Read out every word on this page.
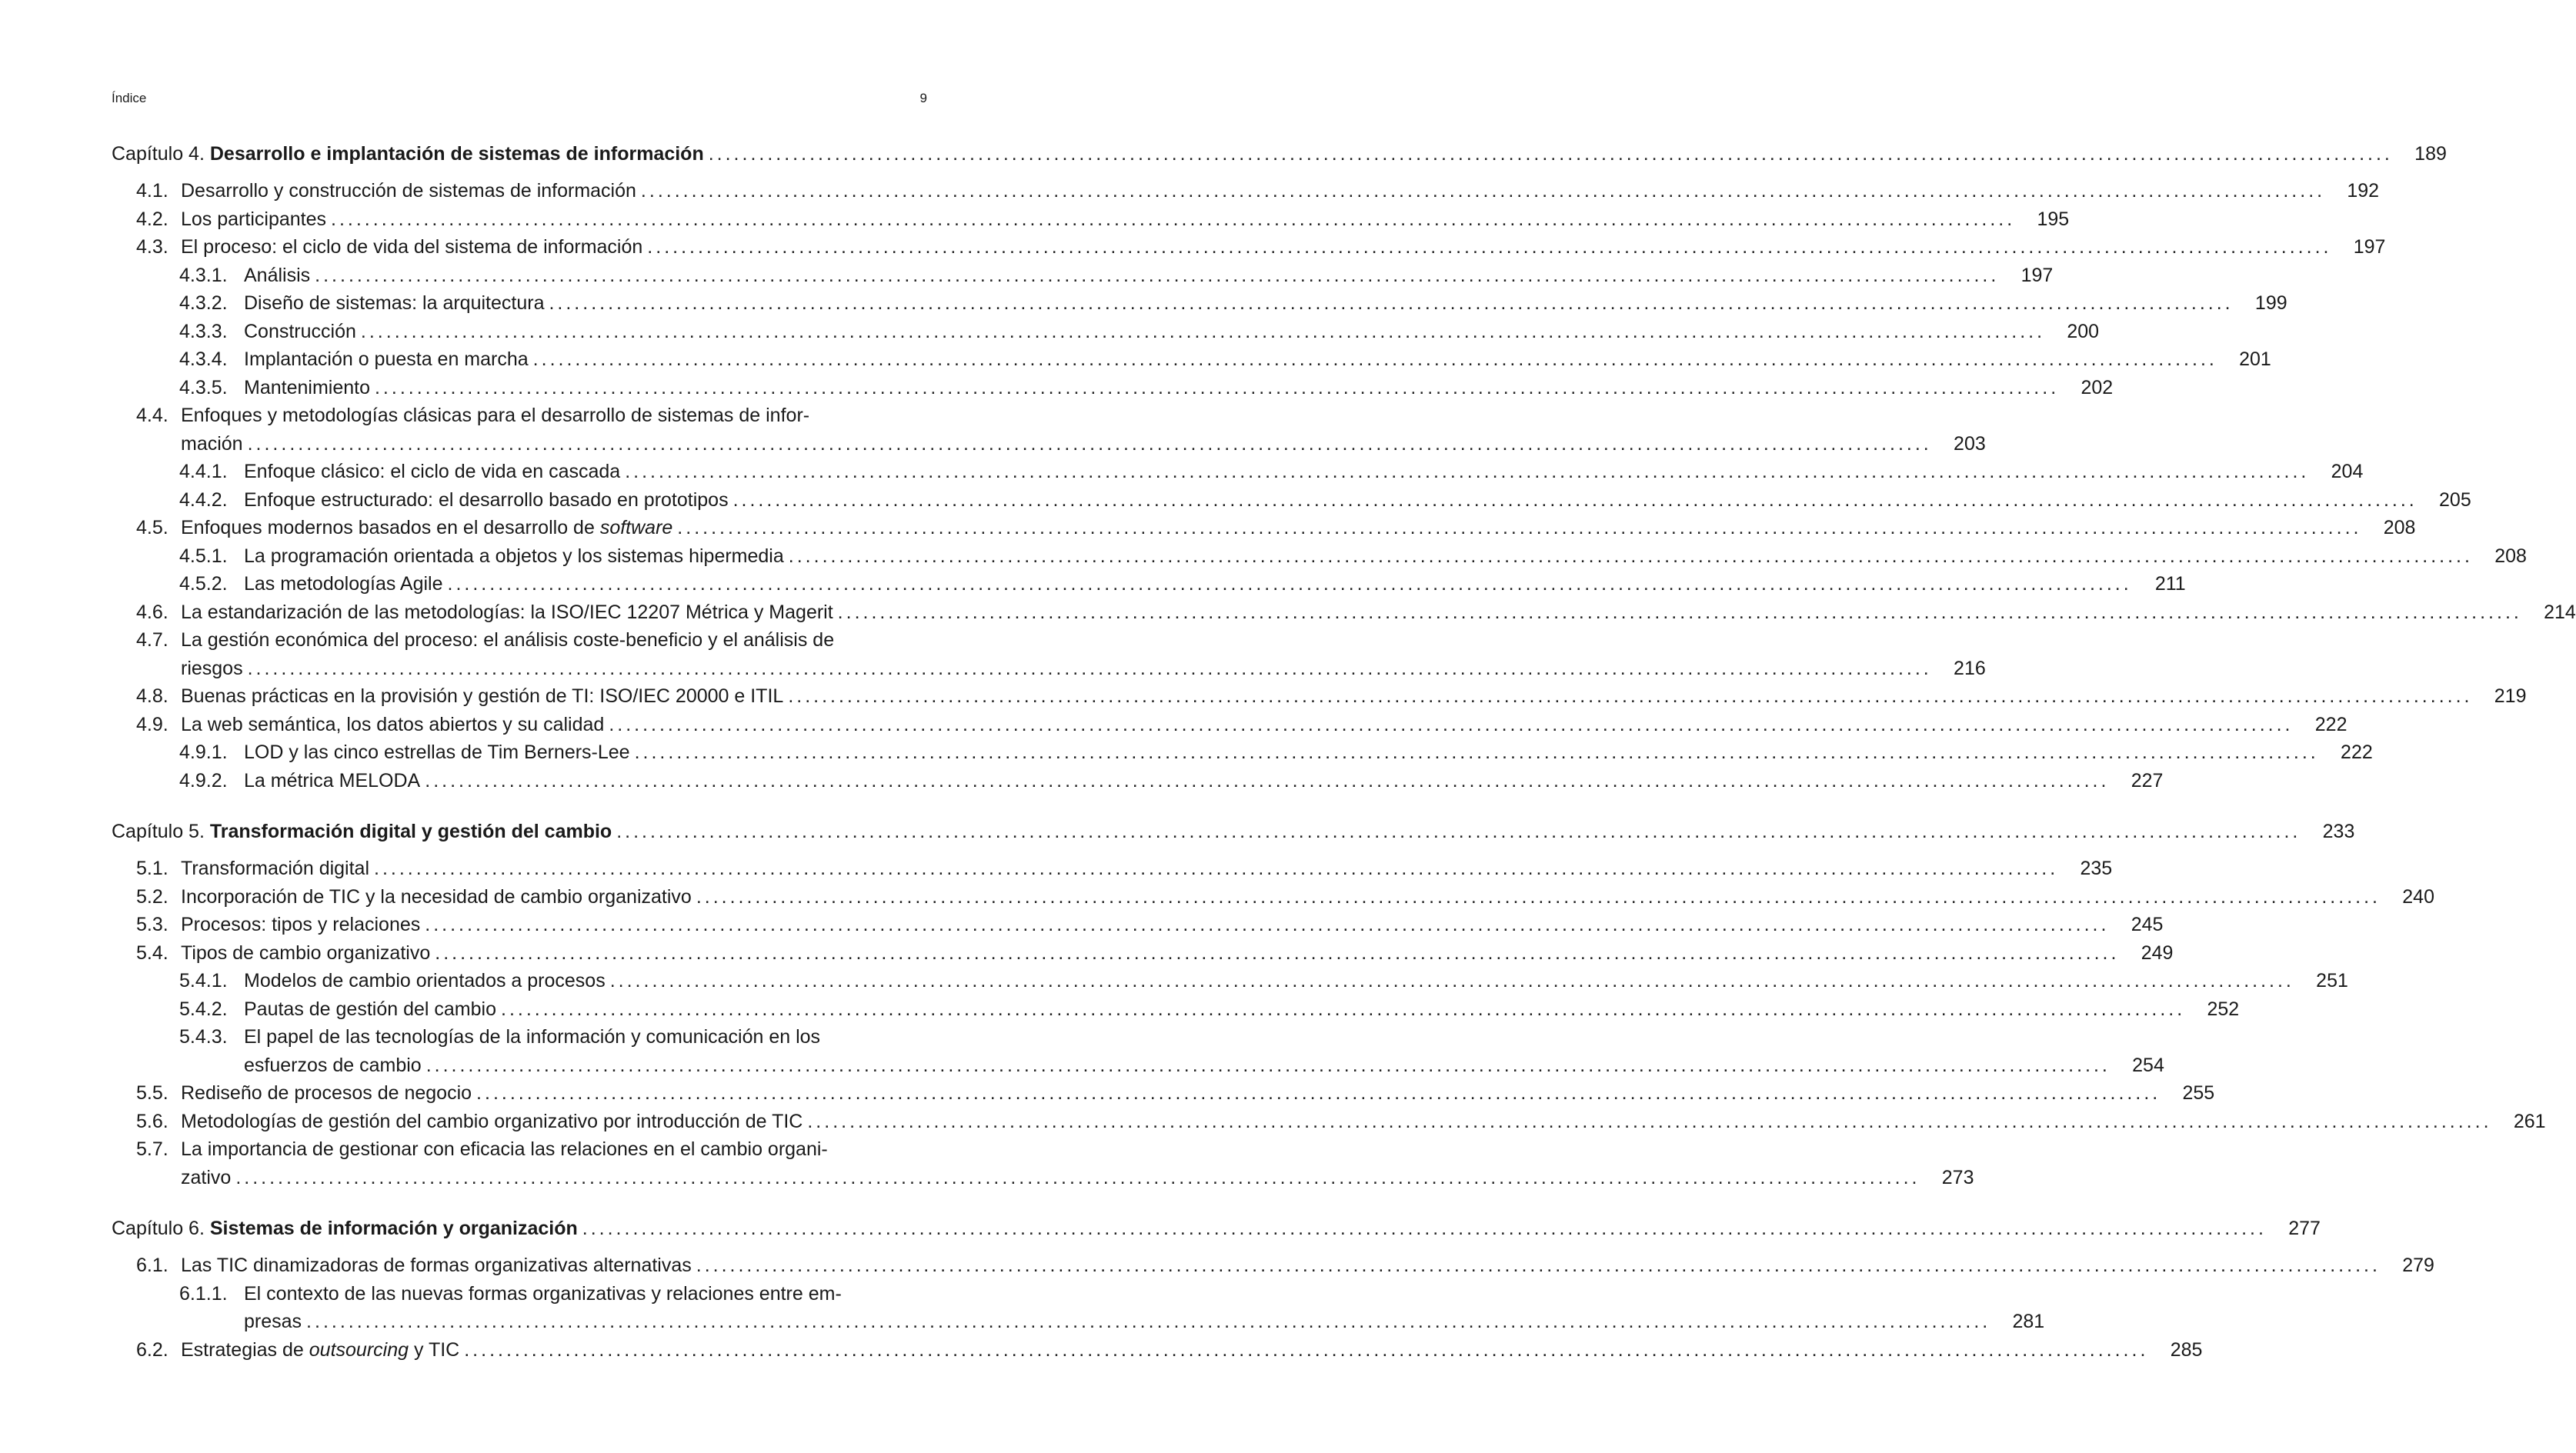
Índice	9
Capítulo 4. Desarrollo e implantación de sistemas de información ........................................................................................................................................................................................................	189
4.1. Desarrollo y construcción de sistemas de información ........................................................................................................................................................................................................	192
4.2. Los participantes ........................................................................................................................................................................................................	195
4.3. El proceso: el ciclo de vida del sistema de información ........................................................................................................................................................................................................	197
4.3.1. Análisis ........................................................................................................................................................................................................	197
4.3.2. Diseño de sistemas: la arquitectura ........................................................................................................................................................................................................	199
4.3.3. Construcción ........................................................................................................................................................................................................	200
4.3.4. Implantación o puesta en marcha ........................................................................................................................................................................................................	201
4.3.5. Mantenimiento ........................................................................................................................................................................................................	202
4.4. Enfoques y metodologías clásicas para el desarrollo de sistemas de infor-
mación ........................................................................................................................................................................................................	203
4.4.1. Enfoque clásico: el ciclo de vida en cascada ........................................................................................................................................................................................................	204
4.4.2. Enfoque estructurado: el desarrollo basado en prototipos ........................................................................................................................................................................................................	205
4.5. Enfoques modernos basados en el desarrollo de software ........................................................................................................................................................................................................	208
4.5.1. La programación orientada a objetos y los sistemas hipermedia ........................................................................................................................................................................................................	208
4.5.2. Las metodologías Agile ........................................................................................................................................................................................................	211
4.6. La estandarización de las metodologías: la ISO/IEC 12207 Métrica y Magerit ........................................................................................................................................................................................................	214
4.7. La gestión económica del proceso: el análisis coste-beneficio y el análisis de
riesgos ........................................................................................................................................................................................................	216
4.8. Buenas prácticas en la provisión y gestión de TI: ISO/IEC 20000 e ITIL ........................................................................................................................................................................................................	219
4.9. La web semántica, los datos abiertos y su calidad ........................................................................................................................................................................................................	222
4.9.1. LOD y las cinco estrellas de Tim Berners-Lee ........................................................................................................................................................................................................	222
4.9.2. La métrica MELODA ........................................................................................................................................................................................................	227
Capítulo 5. Transformación digital y gestión del cambio ........................................................................................................................................................................................................	233
5.1. Transformación digital ........................................................................................................................................................................................................	235
5.2. Incorporación de TIC y la necesidad de cambio organizativo ........................................................................................................................................................................................................	240
5.3. Procesos: tipos y relaciones ........................................................................................................................................................................................................	245
5.4. Tipos de cambio organizativo ........................................................................................................................................................................................................	249
5.4.1. Modelos de cambio orientados a procesos ........................................................................................................................................................................................................	251
5.4.2. Pautas de gestión del cambio ........................................................................................................................................................................................................	252
5.4.3. El papel de las tecnologías de la información y comunicación en los
esfuerzos de cambio ........................................................................................................................................................................................................	254
5.5. Rediseño de procesos de negocio ........................................................................................................................................................................................................	255
5.6. Metodologías de gestión del cambio organizativo por introducción de TIC ........................................................................................................................................................................................................	261
5.7. La importancia de gestionar con eficacia las relaciones en el cambio organi-
zativo ........................................................................................................................................................................................................	273
Capítulo 6. Sistemas de información y organización ........................................................................................................................................................................................................	277
6.1. Las TIC dinamizadoras de formas organizativas alternativas ........................................................................................................................................................................................................	279
6.1.1. El contexto de las nuevas formas organizativas y relaciones entre em-
presas ........................................................................................................................................................................................................	281
6.2. Estrategias de outsourcing y TIC ........................................................................................................................................................................................................	285
